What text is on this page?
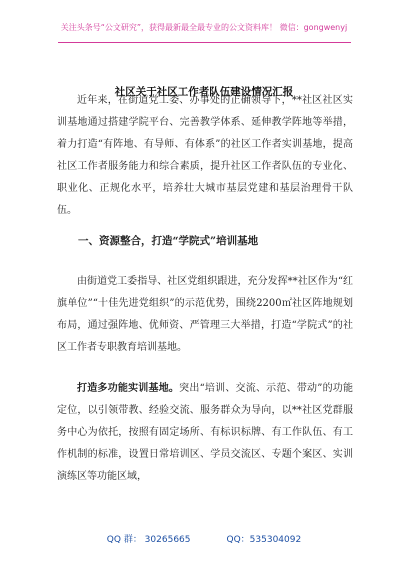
关注头条号“公文研究”，获得最新最全最专业的公文资料库！ 微信：gongwenyj
社区关于社区工作者队伍建设情况汇报

近年来，在街道党工委、办事处的正确领导下，**社区社区实训基地通过搭建学院平台、完善教学体系、延伸教学阵地等举措，着力打造“有阵地、有导师、有体系”的社区工作者实训基地，提高社区工作者服务能力和综合素质，提升社区工作者队伍的专业化、职业化、正规化水平，培养壮大城市基层党建和基层治理骨干队伍。

一、资源整合，打造“学院式”培训基地

由街道党工委指导、社区党组织跟进，充分发挥**社区作为“红旗单位”“十佳先进党组织”的示范优势，围绕2200㎡社区阵地规划布局，通过强阵地、优师资、严管理三大举措，打造“学院式”的社区工作者专职教育培训基地。

打造多功能实训基地。突出“培训、交流、示范、带动”的功能定位，以引领带教、经验交流、服务群众为导向，以**社区党群服务中心为依托，按照有固定场所、有标识标牌、有工作队伍、有工作机制的标准，设置日常培训区、学员交流区、专题个案区、实训演练区等功能区域，

QQ 群： 30265665	QQ：535304092
